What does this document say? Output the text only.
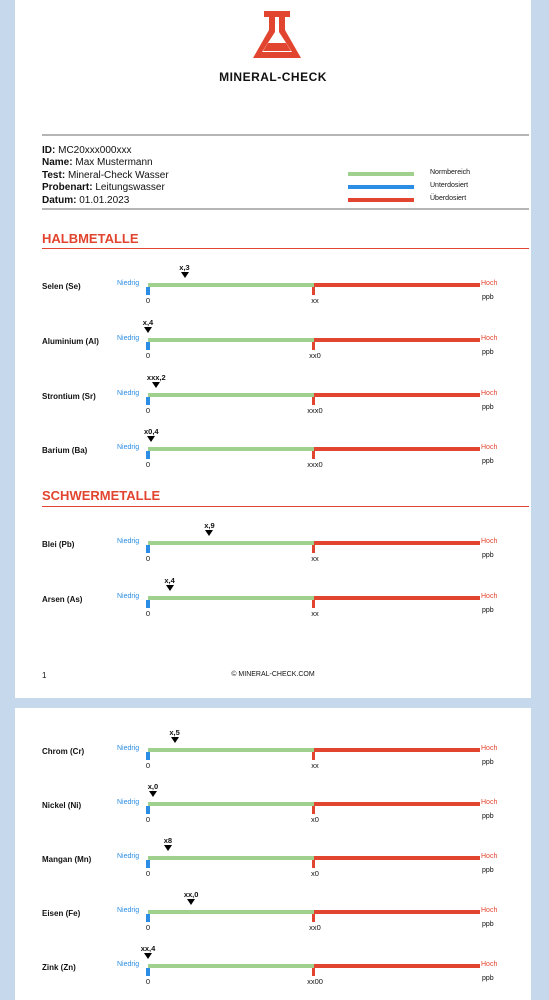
MINERAL-CHECK
ID: MC20xxx000xxx
Name: Max Mustermann
Test: Mineral-Check Wasser
Probenart: Leitungswasser
Datum: 01.01.2023
Normbereich
Unterdosiert
Überdosiert
HALBMETALLE
Selen (Se)	Niedrig	Hoch
ppb
0	xx
x,3
Aluminium (Al)	Niedrig	Hoch
ppb
0	xx0
x,4
Strontium (Sr)	Niedrig	Hoch
ppb
0	xxx0
xxx,2
Barium (Ba)	Niedrig	Hoch
ppb
0	xxx0
x0,4
SCHWERMETALLE
Blei (Pb)	Niedrig	Hoch
ppb
0	xx
x,9
Arsen (As)	Niedrig	Hoch
ppb
0	xx
x,4
1	© MINERAL-CHECK.COM
Chrom (Cr)	Niedrig	Hoch
ppb
0	xx
x,5
Nickel (Ni)	Niedrig	Hoch
ppb
0	x0
x,0
Mangan (Mn)	Niedrig	Hoch
ppb
0	x0
x8
Eisen (Fe)	Niedrig	Hoch
ppb
0	xx0
xx,0
Zink (Zn)	Niedrig	Hoch
ppb
0	xx00
xx,4
